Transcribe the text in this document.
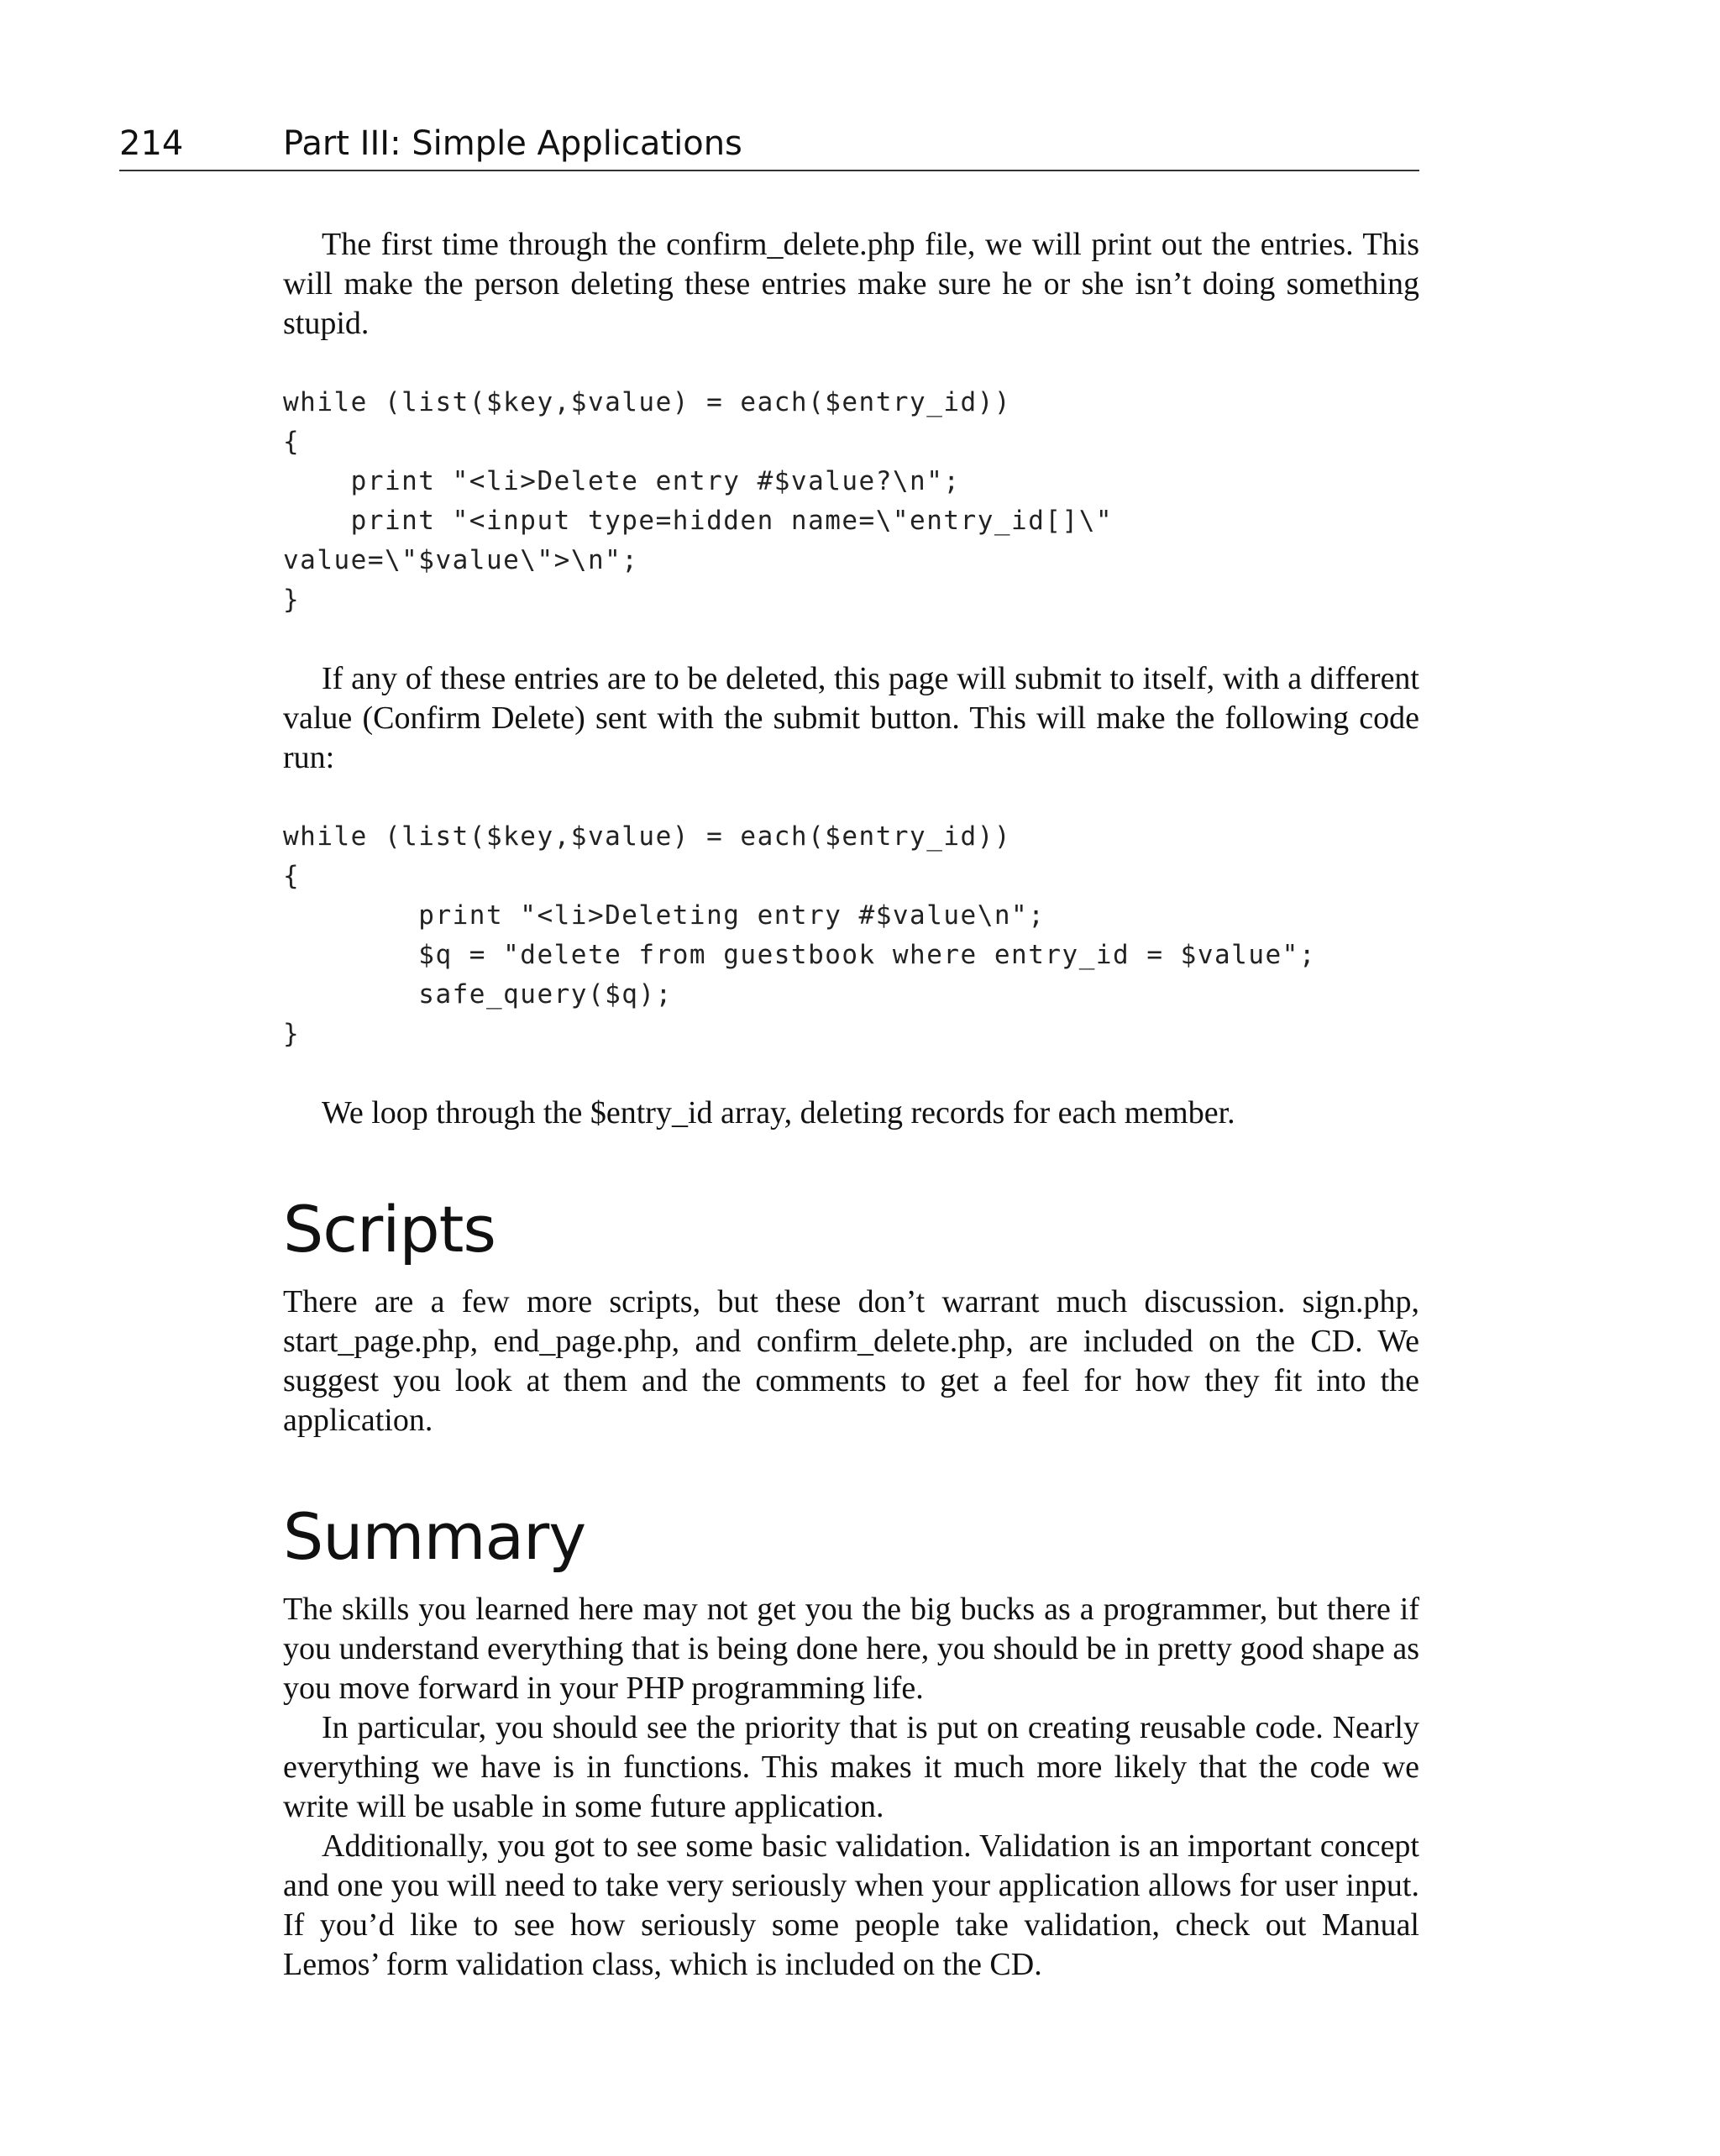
214	Part III: Simple Applications

The first time through the confirm_delete.php file, we will print out the entries. This will make the person deleting these entries make sure he or she isn’t doing something stupid.

while (list($key,$value) = each($entry_id))
{
print "<li>Delete entry #$value?\n";
print "<input type=hidden name=\"entry_id[]\"
value=\"$value\">\n";
}

If any of these entries are to be deleted, this page will submit to itself, with a different value (Confirm Delete) sent with the submit button. This will make the following code run:

while (list($key,$value) = each($entry_id))
{
print "<li>Deleting entry #$value\n";
$q = "delete from guestbook where entry_id = $value";
safe_query($q);
}

We loop through the $entry_id array, deleting records for each member.

Scripts

There are a few more scripts, but these don’t warrant much discussion. sign.php, start_page.php, end_page.php, and confirm_delete.php, are included on the CD. We suggest you look at them and the comments to get a feel for how they fit into the application.

Summary

The skills you learned here may not get you the big bucks as a programmer, but there if you understand everything that is being done here, you should be in pretty good shape as you move forward in your PHP programming life.

In particular, you should see the priority that is put on creating reusable code. Nearly everything we have is in functions. This makes it much more likely that the code we write will be usable in some future application.

Additionally, you got to see some basic validation. Validation is an important concept and one you will need to take very seriously when your application allows for user input. If you’d like to see how seriously some people take validation, check out Manual Lemos’ form validation class, which is included on the CD.
